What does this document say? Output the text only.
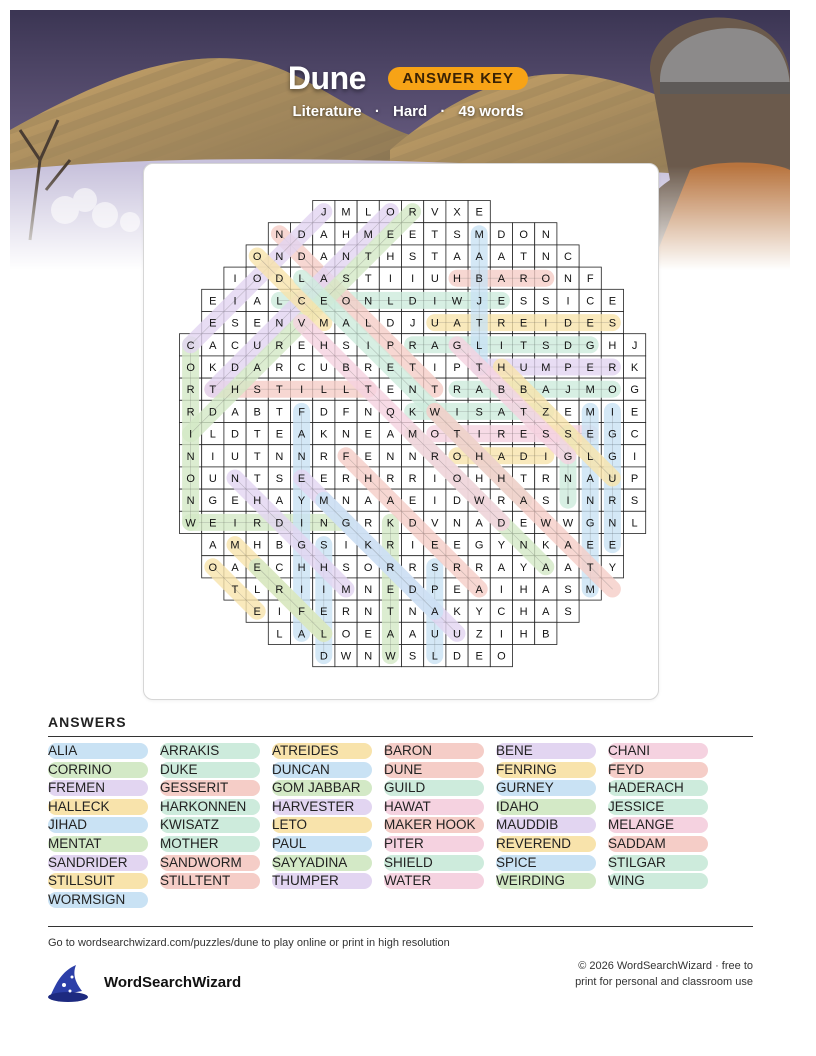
Dune ANSWER KEY
Literature · Hard · 49 words
J M L O R V X E
N D A H M E E T S M D O N
O N D A N T H S T A A A T N C
I O D L A S T I I U H B A R O N F
E I A L C E O N L D I W J E S S I C E
E S E N V M A L D J U A T R E I D E S
C A C U R E H S I P R A G L I T S D G H J
O K D A R C U B R E T I P T H U M P E R K
R T H S T I L L T E N T R A B B A J M O G
R D A B T F D F N Q K W I S A T Z E M I E
I L D T E A K N E A M O T I R E S S E G C
N I U T N N R F E N N R O H A D I G L G I
O U N T S E E R H R R I O H H T R N A U P
N G E H A Y M N A A E I D W R A S I N R S
W E I R D I N G R K D V N A D E W W G N L
A M H B G S I K R I E E G Y N K A E E
O A E C H H S O R R S R R A Y A A T Y
T L R I I M N E D P E A I H A S M
E I F E R N T N A K Y C H A S
L A L O E A A U U Z I H B
D W N W S L D E O
ANSWERS
ALIA
CORRINO
FREMEN
HALLECK
JIHAD
MENTAT
SANDRIDER
STILLSUIT
WORMSIGN
ARRAKIS
DUKE
GESSERIT
HARKONNEN
KWISATZ
MOTHER
SANDWORM
STILLTENT
ATREIDES
DUNCAN
GOM JABBAR
HARVESTER
LETO
PAUL
SAYYADINA
THUMPER
BARON
DUNE
GUILD
HAWAT
MAKER HOOK
PITER
SHIELD
WATER
BENE
FENRING
GURNEY
IDAHO
MAUDDIB
REVEREND
SPICE
WEIRDING
CHANI
FEYD
HADERACH
JESSICE
MELANGE
SADDAM
STILGAR
WING
Go to wordsearchwizard.com/puzzles/dune to play online or print in high resolution
WordSearchWizard
© 2026 WordSearchWizard · free to print for personal and classroom use
